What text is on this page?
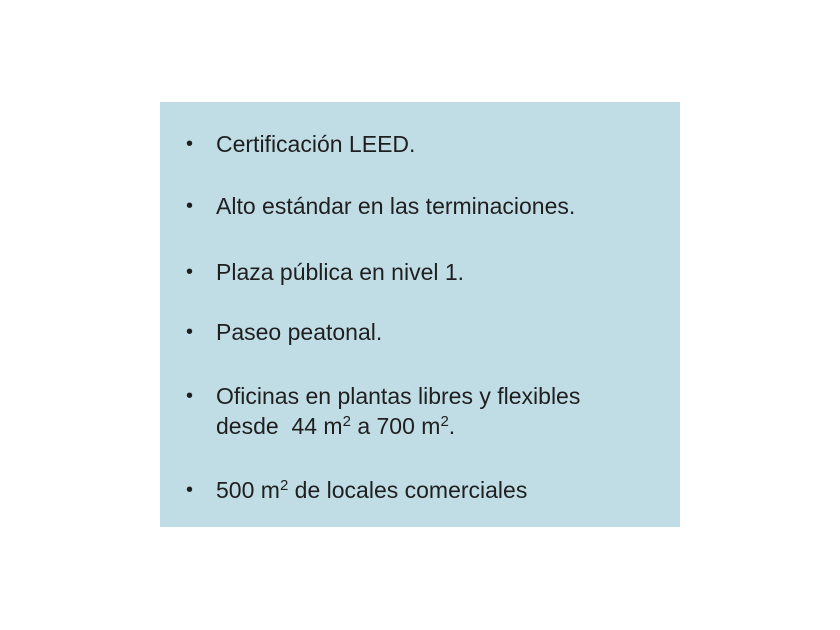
• Certificación LEED.
• Alto estándar en las terminaciones.
• Plaza pública en nivel 1.
• Paseo peatonal.
• Oficinas en plantas libres y flexibles
desde  44 $m^2$ a 700 $m^2$.
• 500 $m^2$ de locales comerciales
